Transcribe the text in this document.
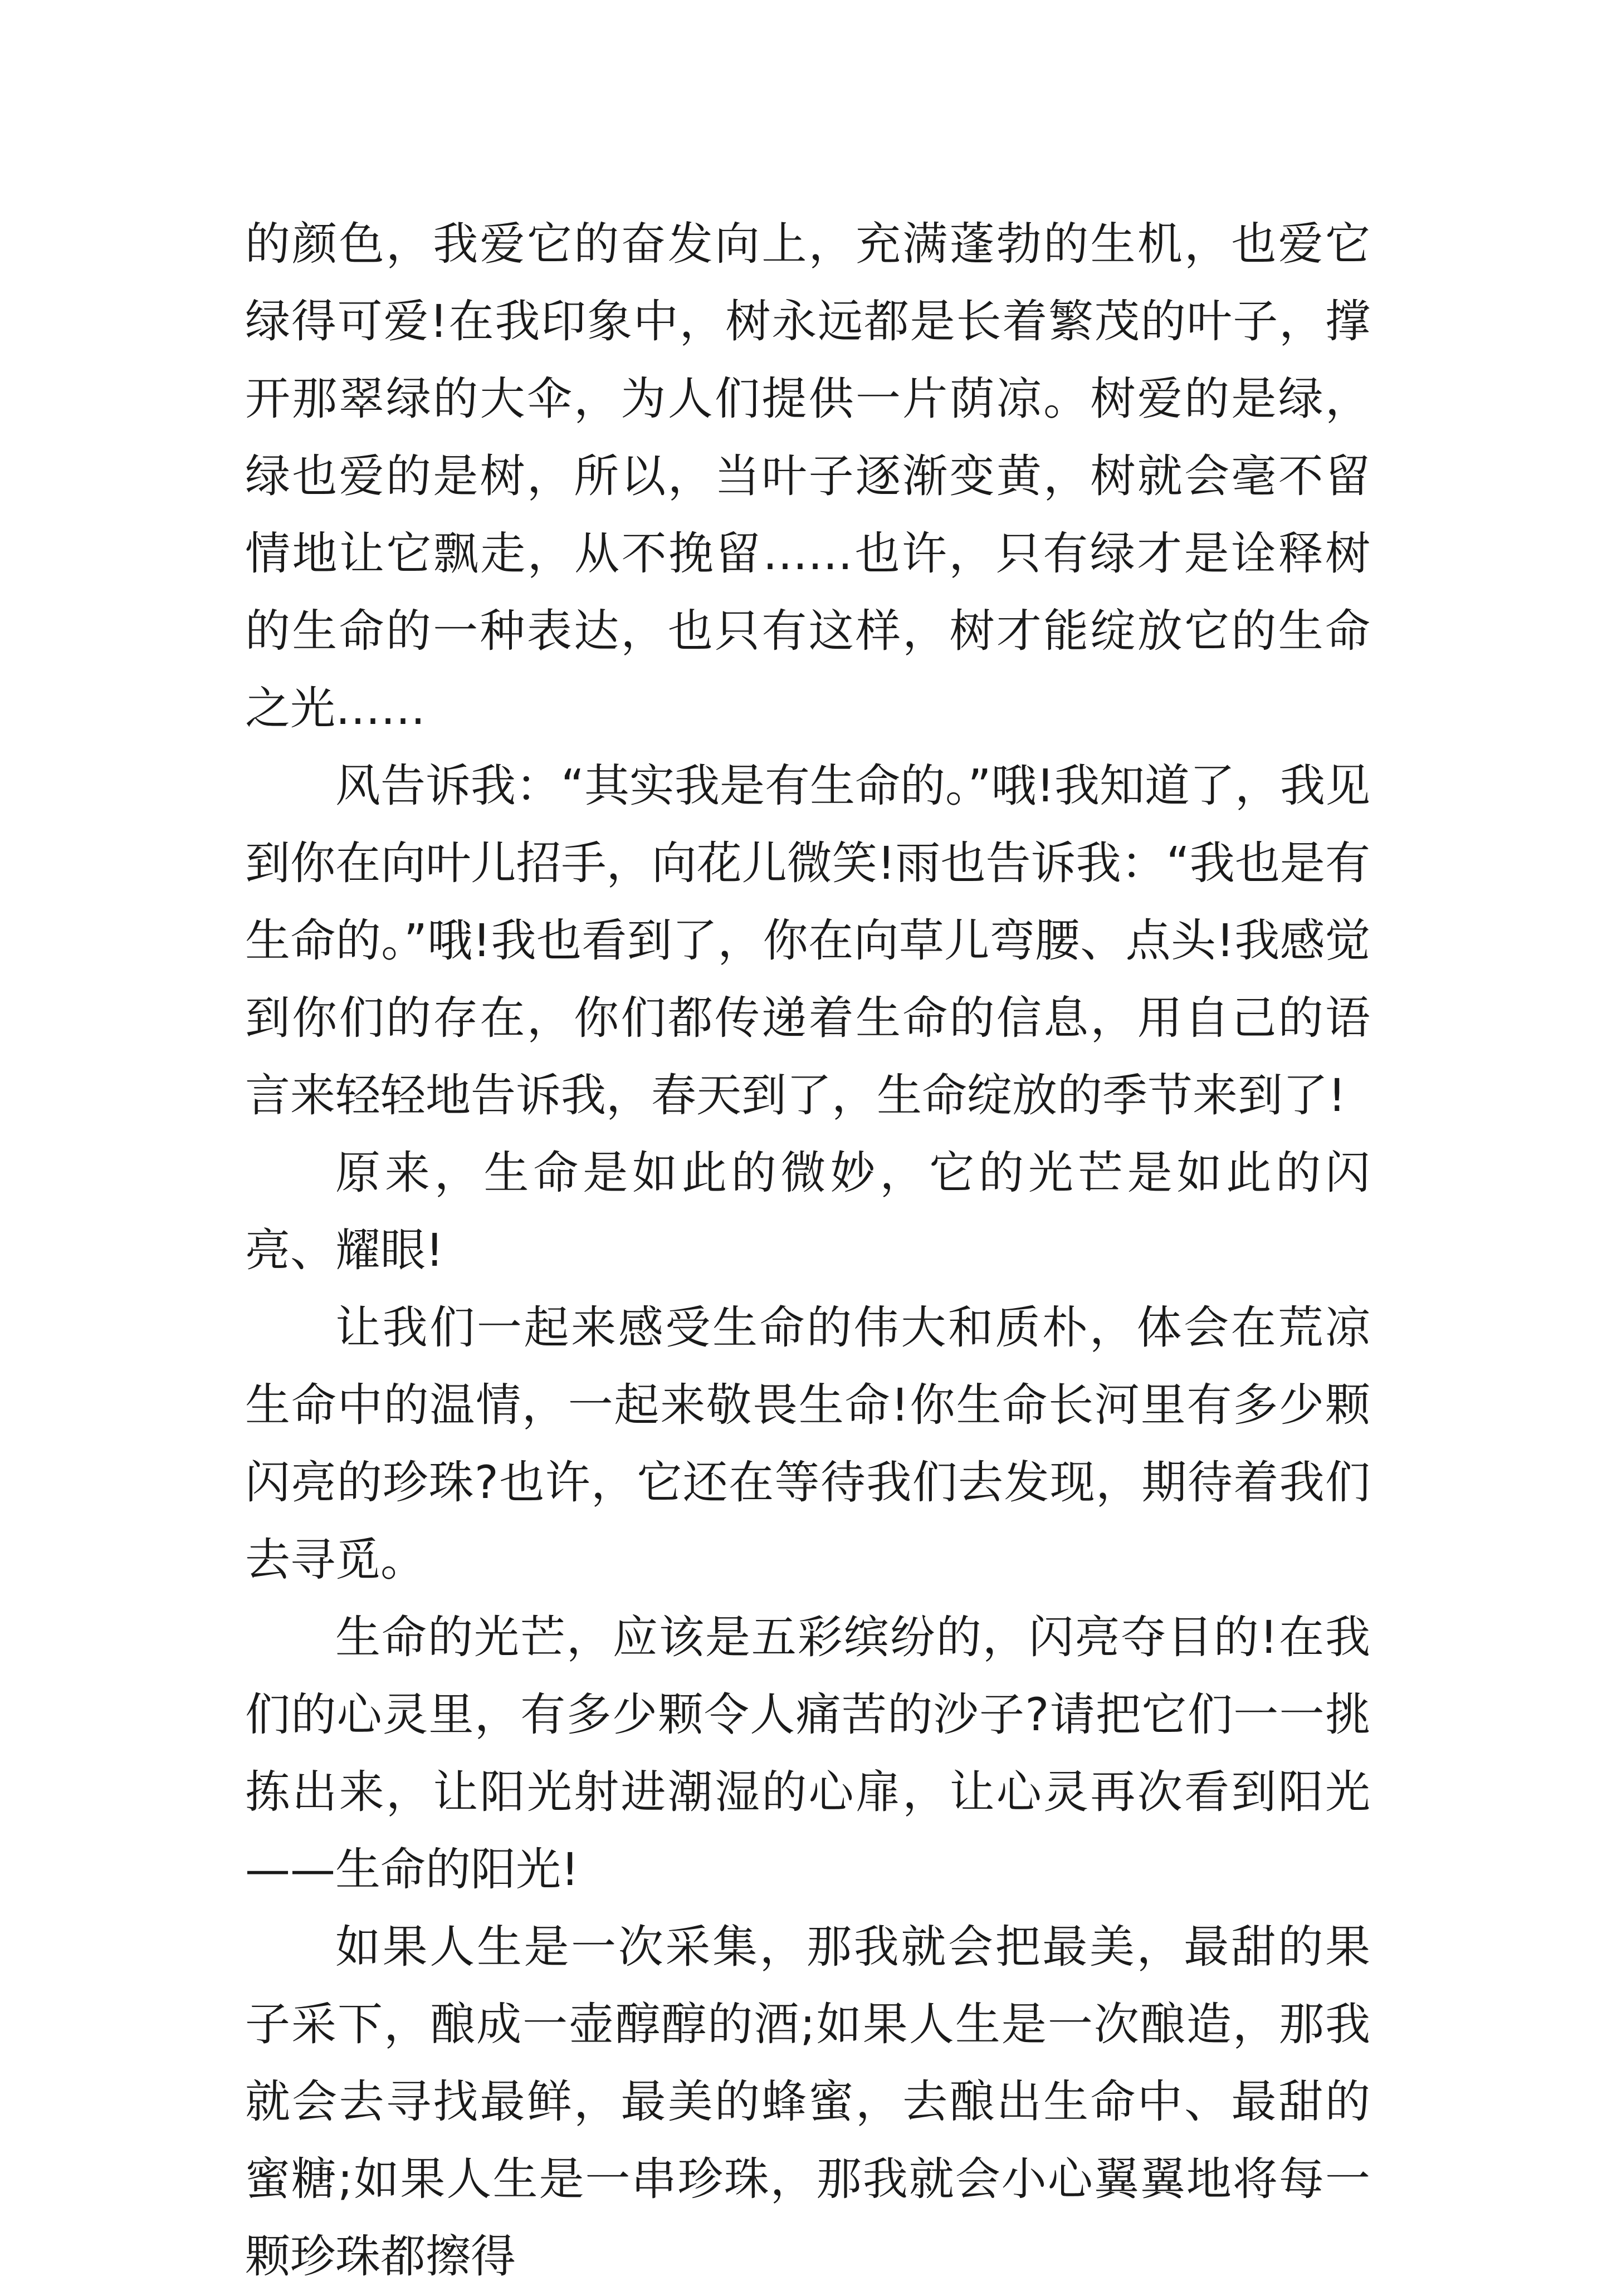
的颜色，我爱它的奋发向上，充满蓬勃的生机，也爱它绿得可爱!在我印象中，树永远都是长着繁茂的叶子，撑开那翠绿的大伞，为人们提供一片荫凉。树爱的是绿，绿也爱的是树，所以，当叶子逐渐变黄，树就会毫不留情地让它飘走，从不挽留……也许，只有绿才是诠释树的生命的一种表达，也只有这样，树才能绽放它的生命之光……

风告诉我：“其实我是有生命的。”哦!我知道了，我见到你在向叶儿招手，向花儿微笑!雨也告诉我：“我也是有生命的。”哦!我也看到了，你在向草儿弯腰、点头!我感觉到你们的存在，你们都传递着生命的信息，用自己的语言来轻轻地告诉我，春天到了，生命绽放的季节来到了!

原来，生命是如此的微妙，它的光芒是如此的闪亮、耀眼!

让我们一起来感受生命的伟大和质朴，体会在荒凉生命中的温情，一起来敬畏生命!你生命长河里有多少颗闪亮的珍珠?也许，它还在等待我们去发现，期待着我们去寻觅。

生命的光芒，应该是五彩缤纷的，闪亮夺目的!在我们的心灵里，有多少颗令人痛苦的沙子?请把它们一一挑拣出来，让阳光射进潮湿的心扉，让心灵再次看到阳光——生命的阳光!

如果人生是一次采集，那我就会把最美，最甜的果子采下，酿成一壶醇醇的酒;如果人生是一次酿造，那我就会去寻找最鲜，最美的蜂蜜，去酿出生命中、最甜的蜜糖;如果人生是一串珍珠，那我就会小心翼翼地将每一颗珍珠都擦得
